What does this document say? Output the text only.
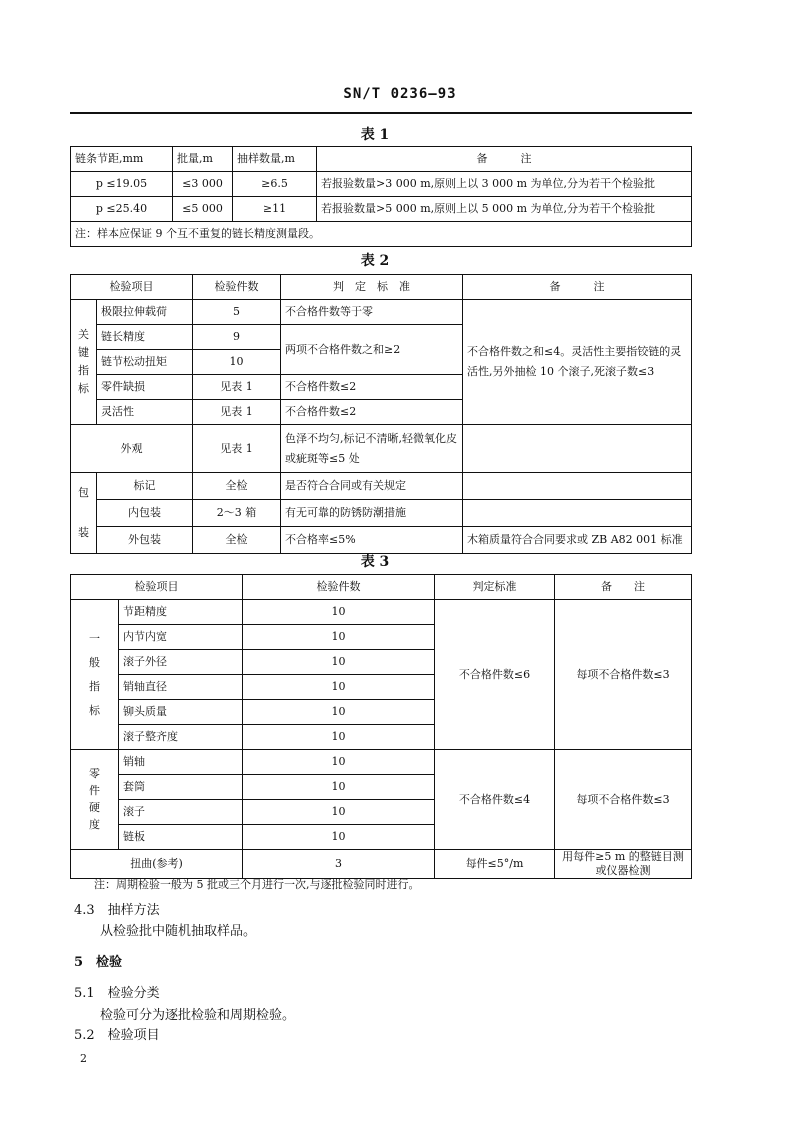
SN/T 0236—93
表 1
链条节距,mm	批量,m	抽样数量,m	备　　　注
p ≤19.05	≤3 000	≥6.5	若报验数量>3 000 m,原则上以 3 000 m 为单位,分为若干个检验批
p ≤25.40	≤5 000	≥11	若报验数量>5 000 m,原则上以 5 000 m 为单位,分为若干个检验批
注：样本应保证 9 个互不重复的链长精度测量段。			
表 2
检验项目		检验件数	判　定　标　准	备　　　注
关键指标	极限拉伸载荷	5	不合格件数等于零	不合格件数之和≤4。灵活性主要指铰链的灵活性,另外抽检 10 个滚子,死滚子数≤3
	链长精度	9	两项不合格件数之和≥2	
	链节松动扭矩	10		
	零件缺损	见表 1	不合格件数≤2	
	灵活性	见表 1	不合格件数≤2	
外观		见表 1	色泽不均匀,标记不清晰,轻微氧化皮或疵斑等≤5 处	
包装	标记	全检	是否符合合同或有关规定	
	内包装	2～3 箱	有无可靠的防锈防潮措施	
	外包装	全检	不合格率≤5%	木箱质量符合合同要求或 ZB A82 001 标准
表 3
检验项目		检验件数	判定标准	备　　注
一般指标	节距精度	10	不合格件数≤6	每项不合格件数≤3
	内节内宽	10		
	滚子外径	10		
	销轴直径	10		
	铆头质量	10		
	滚子整齐度	10		
零件硬度	销轴	10	不合格件数≤4	每项不合格件数≤3
	套筒	10		
	滚子	10		
	链板	10		
扭曲(参考)		3	每件≤5°/m	用每件≥5 m 的整链目测或仪器检测
注：周期检验一般为 5 批或三个月进行一次,与逐批检验同时进行。
4.3　抽样方法
从检验批中随机抽取样品。
5　检验
5.1　检验分类
检验可分为逐批检验和周期检验。
5.2　检验项目
2
